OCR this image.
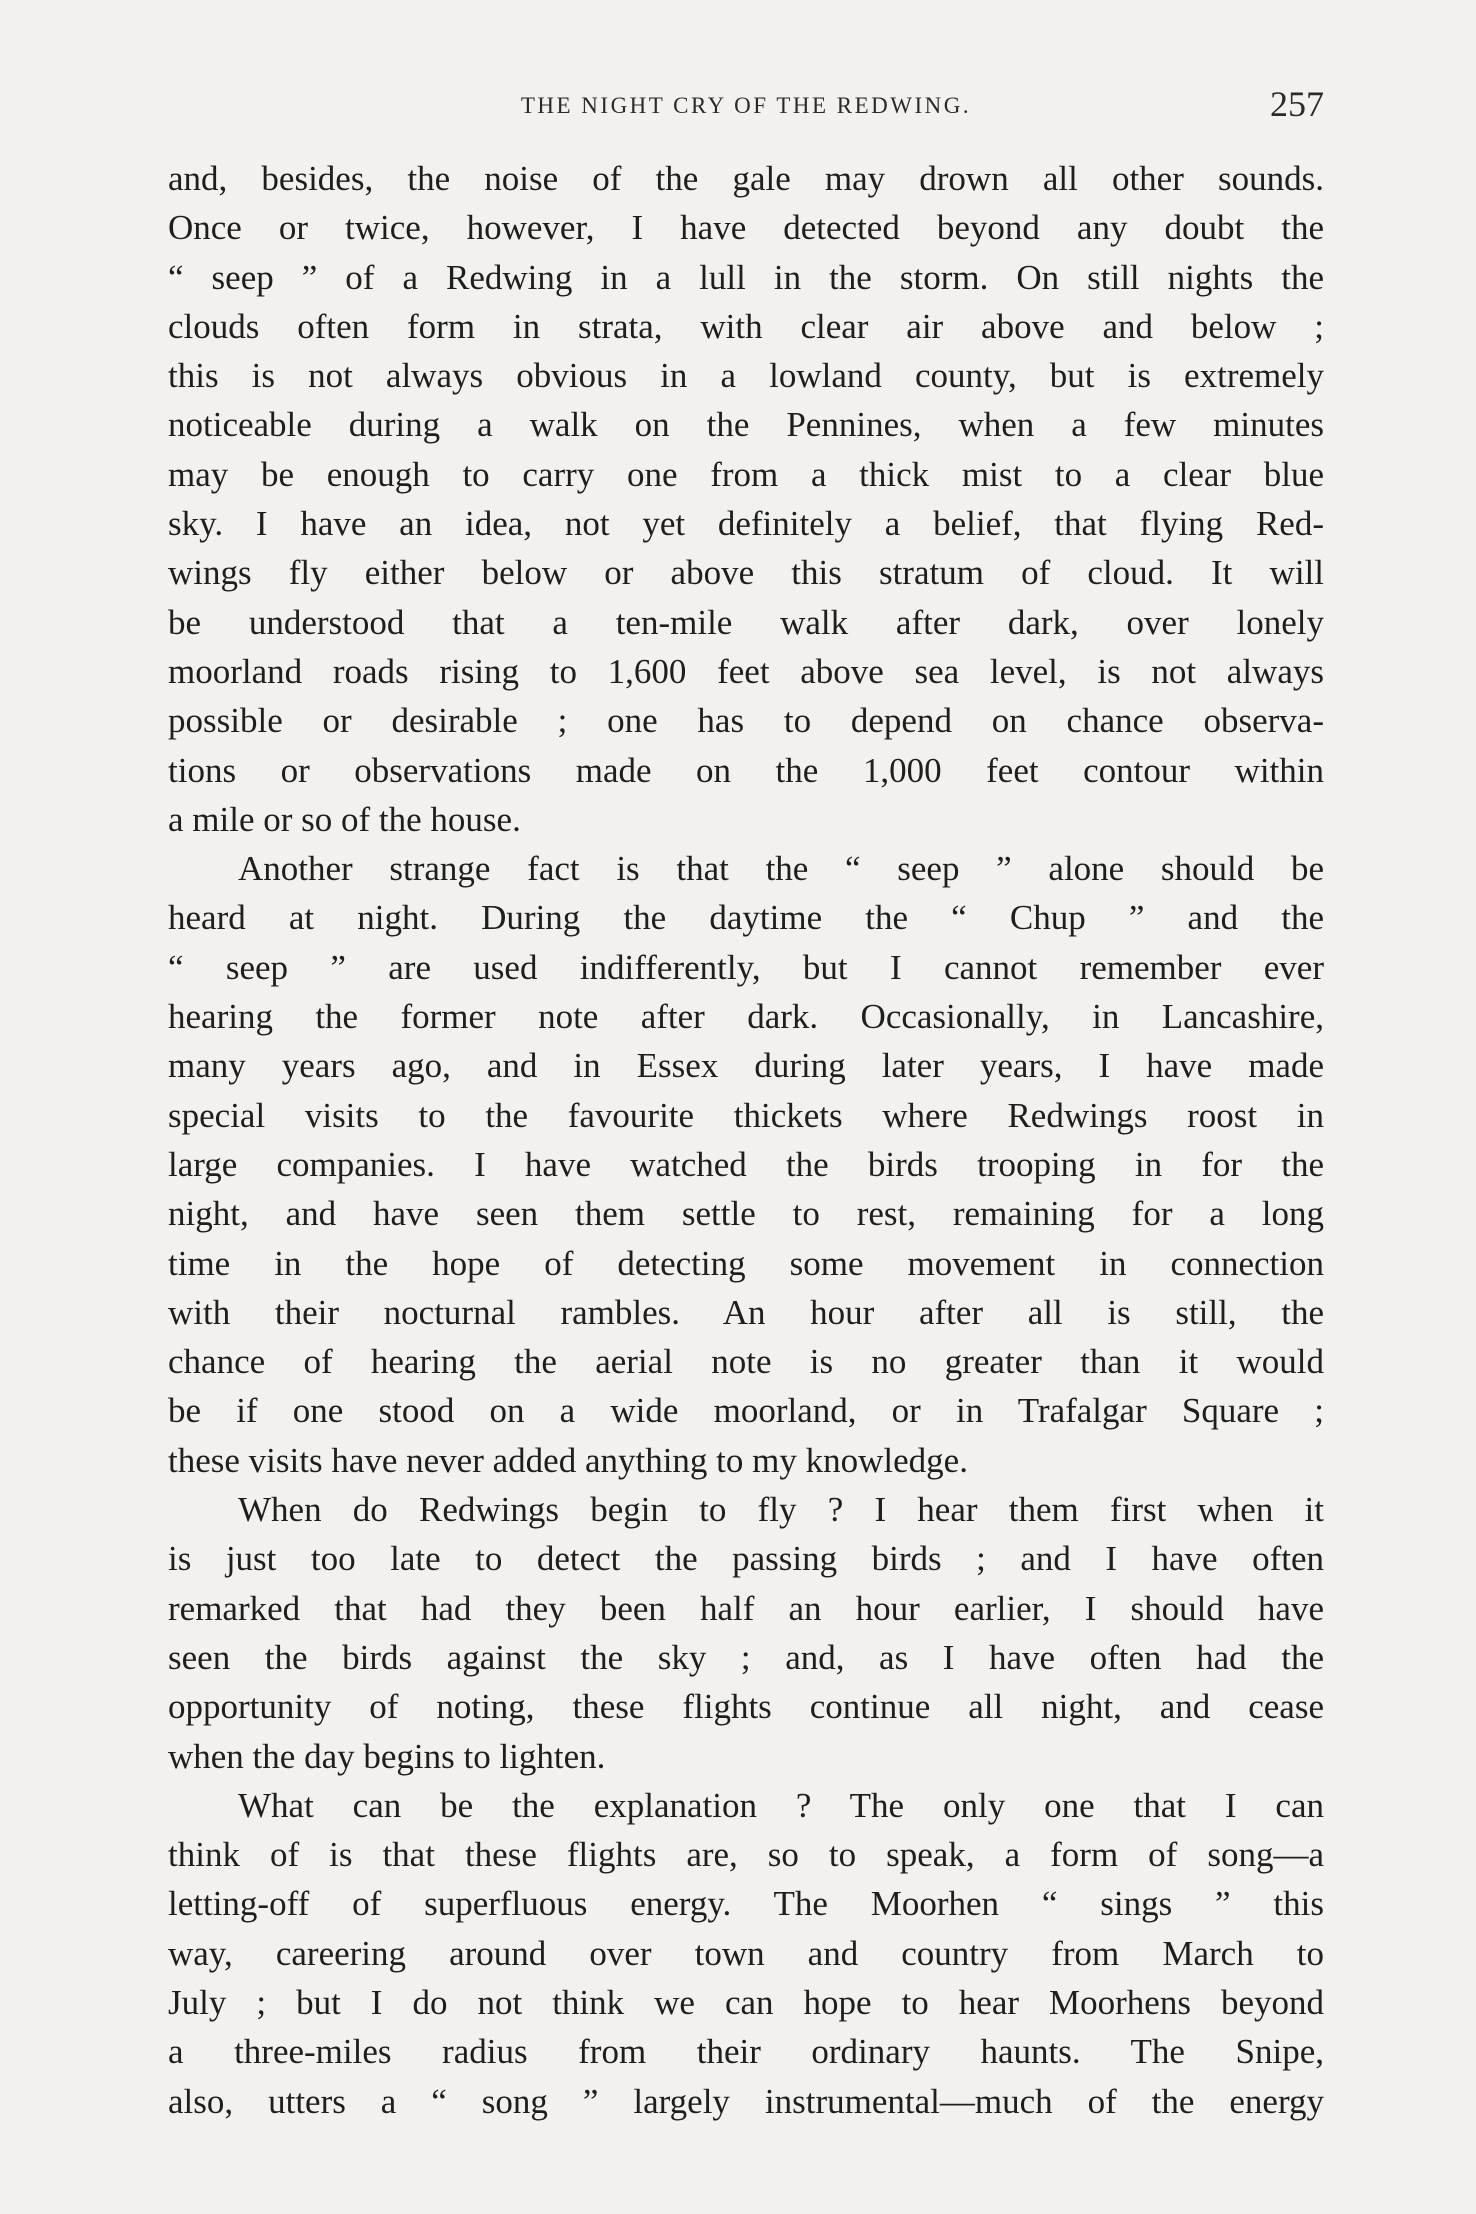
THE NIGHT CRY OF THE REDWING.	257
and, besides, the noise of the gale may drown all other sounds.
Once or twice, however, I have detected beyond any doubt the
“ seep ” of a Redwing in a lull in the storm. On still nights the
clouds often form in strata, with clear air above and below ;
this is not always obvious in a lowland county, but is extremely
noticeable during a walk on the Pennines, when a few minutes
may be enough to carry one from a thick mist to a clear blue
sky. I have an idea, not yet definitely a belief, that flying Red-
wings fly either below or above this stratum of cloud. It will
be understood that a ten-mile walk after dark, over lonely
moorland roads rising to 1,600 feet above sea level, is not always
possible or desirable ; one has to depend on chance observa-
tions or observations made on the 1,000 feet contour within
a mile or so of the house.
Another strange fact is that the “ seep ” alone should be
heard at night. During the daytime the “ Chup ” and the
“ seep ” are used indifferently, but I cannot remember ever
hearing the former note after dark. Occasionally, in Lancashire,
many years ago, and in Essex during later years, I have made
special visits to the favourite thickets where Redwings roost in
large companies. I have watched the birds trooping in for the
night, and have seen them settle to rest, remaining for a long
time in the hope of detecting some movement in connection
with their nocturnal rambles. An hour after all is still, the
chance of hearing the aerial note is no greater than it would
be if one stood on a wide moorland, or in Trafalgar Square ;
these visits have never added anything to my knowledge.
When do Redwings begin to fly ? I hear them first when it
is just too late to detect the passing birds ; and I have often
remarked that had they been half an hour earlier, I should have
seen the birds against the sky ; and, as I have often had the
opportunity of noting, these flights continue all night, and cease
when the day begins to lighten.
What can be the explanation ? The only one that I can
think of is that these flights are, so to speak, a form of song—a
letting-off of superfluous energy. The Moorhen “ sings ” this
way, careering around over town and country from March to
July ; but I do not think we can hope to hear Moorhens beyond
a three-miles radius from their ordinary haunts. The Snipe,
also, utters a “ song ” largely instrumental—much of the energy
